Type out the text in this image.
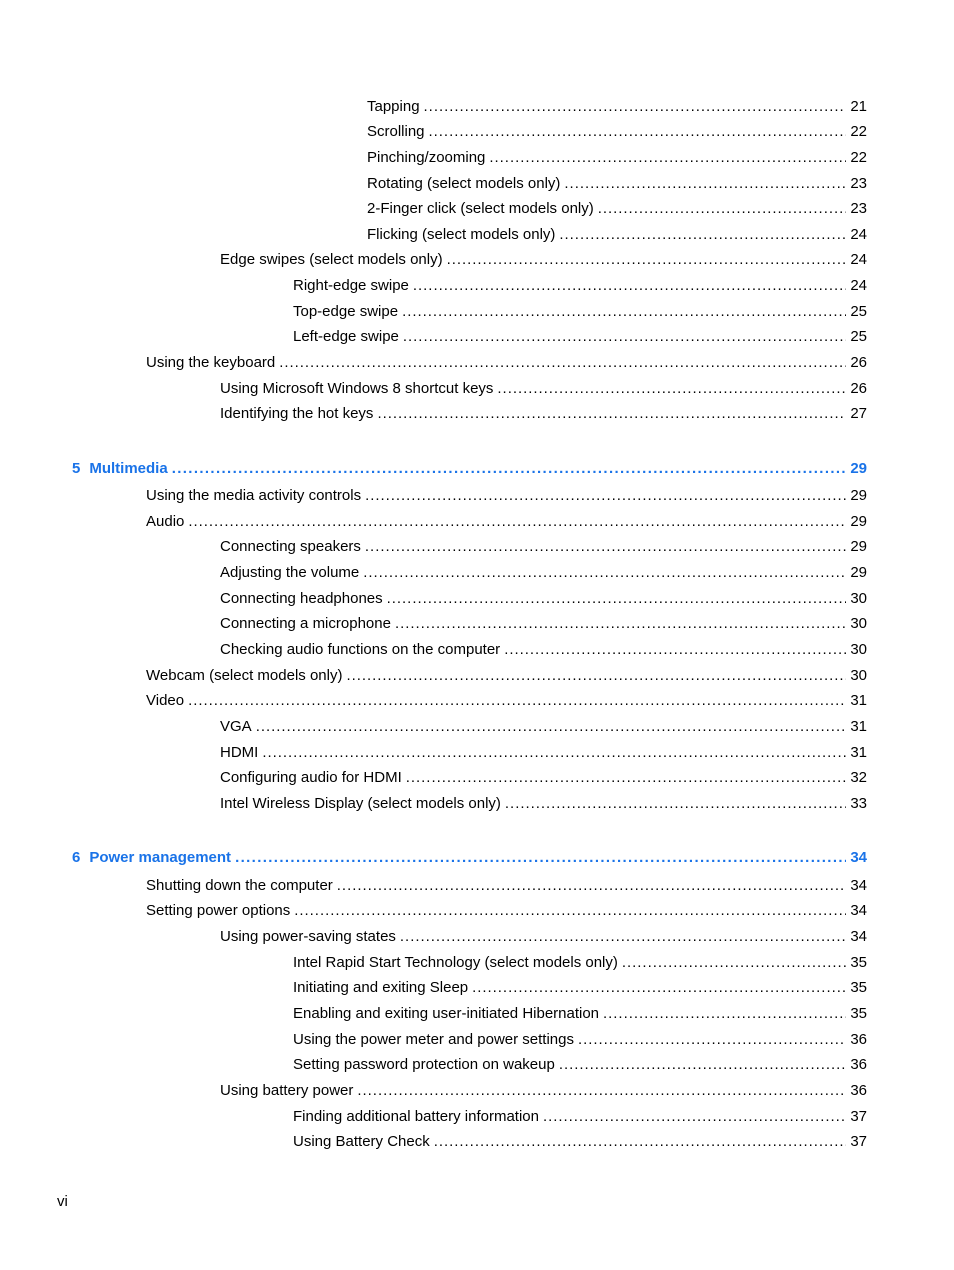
Tapping . . .	21
Scrolling . . .	22
Pinching/zooming . . .	22
Rotating (select models only) . . .	23
2-Finger click (select models only) . . .	23
Flicking (select models only) . . .	24
Edge swipes (select models only) . . .	24
Right-edge swipe . . .	24
Top-edge swipe . . .	25
Left-edge swipe . . .	25
Using the keyboard . . .	26
Using Microsoft Windows 8 shortcut keys . . .	26
Identifying the hot keys . . .	27
5 Multimedia . . .	29
Using the media activity controls . . .	29
Audio . . .	29
Connecting speakers . . .	29
Adjusting the volume . . .	29
Connecting headphones . . .	30
Connecting a microphone . . .	30
Checking audio functions on the computer . . .	30
Webcam (select models only) . . .	30
Video . . .	31
VGA . . .	31
HDMI . . .	31
Configuring audio for HDMI . . .	32
Intel Wireless Display (select models only) . . .	33
6 Power management . . .	34
Shutting down the computer . . .	34
Setting power options . . .	34
Using power-saving states . . .	34
Intel Rapid Start Technology (select models only) . . .	35
Initiating and exiting Sleep . . .	35
Enabling and exiting user-initiated Hibernation . . .	35
Using the power meter and power settings . . .	36
Setting password protection on wakeup . . .	36
Using battery power . . .	36
Finding additional battery information . . .	37
Using Battery Check . . .	37
vi
